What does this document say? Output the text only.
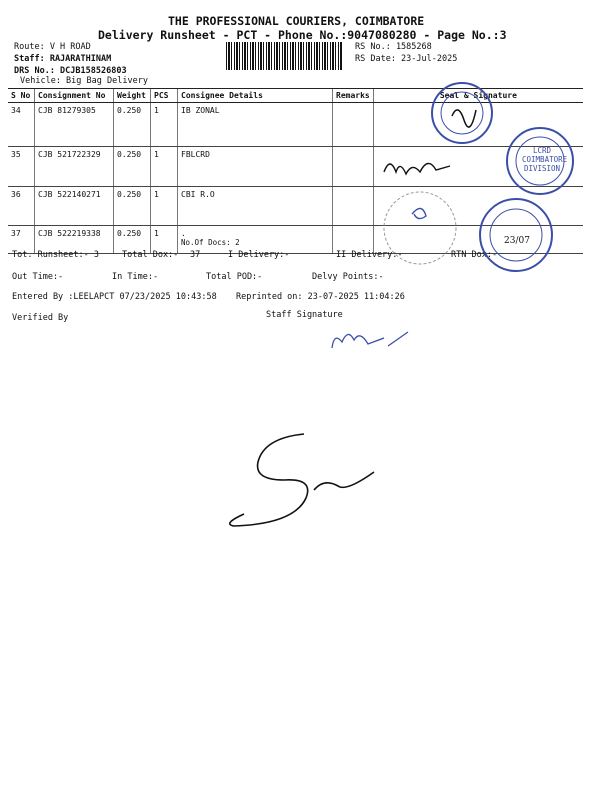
THE PROFESSIONAL COURIERS, COIMBATORE
Delivery Runsheet - PCT - Phone No.:9047080280 - Page No.:3
Route: V H ROAD
Staff: RAJARATHINAM
DRS No.: DCJB158526803
Vehicle: Big Bag Delivery
RS No.: 1585268
RS Date: 23-Jul-2025
S No	Consignment No	Weight	PCS	Consignee Details	Remarks	Seal & Signature
34	CJB 81279305	0.250	1	IB ZONAL		
35	CJB 521722329	0.250	1	FBLCRD		
36	CJB 522140271	0.250	1	CBI R.O		
37	CJB 522219338	0.250	1	.
No.Of Docs: 2		

Tot. Runsheet:- 3	Total Dox:- 37	I Delivery:-	II Delivery:-	RTN Dox:-
Out Time:-	In Time:-	Total POD:-	Delvy Points:-
Entered By :LEELAPCT 07/23/2025 10:43:58 Reprinted on: 23-07-2025 11:04:26
Verified By	Staff Signature
LCRD
COIMBATORE
DIVISION
23/07
